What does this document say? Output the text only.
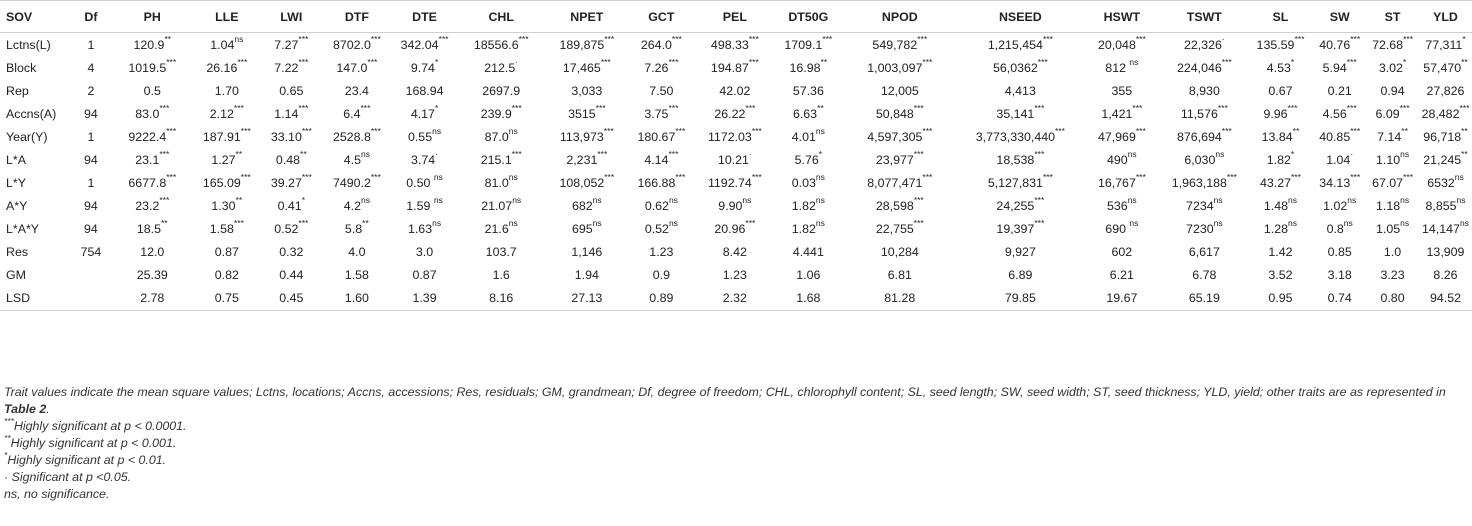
SOV	Df	PH	LLE	LWI	DTF	DTE	CHL	NPET	GCT	PEL	DT50G	NPOD	NSEED	HSWT	TSWT	SL	SW	ST	YLD
Lctns(L)	1	120.9**	$1.04^{ns}$	7.27***	8702.0***	342.04***	18556.6***	189,875***	264.0***	498.33***	1709.1***	549,782***	1,215,454***	20,048***	22,326·	135.59***	40.76***	72.68***	77,311*
Block	4	1019.5***	26.16***	7.22***	147.0***	9.74*	212.5·	17,465***	7.26***	194.87***	16.98**	1,003,097***	56,0362***	812 $^{ns}$	224,046***	4.53*	5.94***	3.02*	57,470**
Rep	2	0.5	1.70	0.65	23.4	168.94	2697.9	3,033	7.50	42.02	57.36	12,005	4,413	355	8,930	0.67	0.21	0.94	27,826
Accns(A)	94	83.0***	2.12***	1.14***	6.4***	4.17*	239.9***	3515***	3.75***	26.22***	6.63**	50,848***	35,141***	1,421***	11,576***	9.96***	4.56***	6.09***	28,482***
Year(Y)	1	9222.4***	187.91***	33.10***	2528.8***	$0.55^{ns}$	$87.0^{ns}$	113,973***	180.67***	1172.03***	$4.01^{ns}$	4,597,305***	3,773,330,440***	47,969***	876,694***	13.84**	40.85***	7.14**	96,718**
L*A	94	23.1***	1.27**	0.48**	$4.5^{ns}$	3.74·	215.1***	2,231***	4.14***	10.21·	5.76*	23,977***	18,538***	$490^{ns}$	$6,030^{ns}$	1.82*	1.04·	$1.10^{ns}$	21,245**
L*Y	1	6677.8***	165.09***	39.27***	7490.2***	0.50 $^{ns}$	$81.0^{ns}$	108,052***	166.88***	1192.74***	$0.03^{ns}$	8,077,471***	5,127,831***	16,767***	1,963,188***	43.27***	34.13***	67.07***	$6532^{ns}$
A*Y	94	23.2***	1.30**	0.41*	$4.2^{ns}$	1.59 $^{ns}$	$21.07^{ns}$	$682^{ns}$	$0.62^{ns}$	$9.90^{ns}$	$1.82^{ns}$	28,598***	24,255***	$536^{ns}$	$7234^{ns}$	$1.48^{ns}$	$1.02^{ns}$	$1.18^{ns}$	$8,855^{ns}$
L*A*Y	94	18.5**	1.58***	0.52***	5.8**	$1.63^{ns}$	$21.6^{ns}$	$695^{ns}$	$0.52^{ns}$	20.96***	$1.82^{ns}$	22,755***	19,397***	690 $^{ns}$	$7230^{ns}$	$1.28^{ns}$	$0.8^{ns}$	$1.05^{ns}$	$14,147^{ns}$
Res	754	12.0	0.87	0.32	4.0	3.0	103.7	1,146	1.23	8.42	4.441	10,284	9,927	602	6,617	1.42	0.85	1.0	13,909
GM		25.39	0.82	0.44	1.58	0.87	1.6	1.94	0.9	1.23	1.06	6.81	6.89	6.21	6.78	3.52	3.18	3.23	8.26
LSD		2.78	0.75	0.45	1.60	1.39	8.16	27.13	0.89	2.32	1.68	81.28	79.85	19.67	65.19	0.95	0.74	0.80	94.52
Trait values indicate the mean square values; Lctns, locations; Accns, accessions; Res, residuals; GM, grandmean; Df, degree of freedom; CHL, chlorophyll content; SL, seed length; SW, seed width; ST, seed thickness; YLD, yield; other traits are as represented in Table 2.
***Highly significant at p < 0.0001.
**Highly significant at p < 0.001.
*Highly significant at p < 0.01.
· Significant at p <0.05.
ns, no significance.
